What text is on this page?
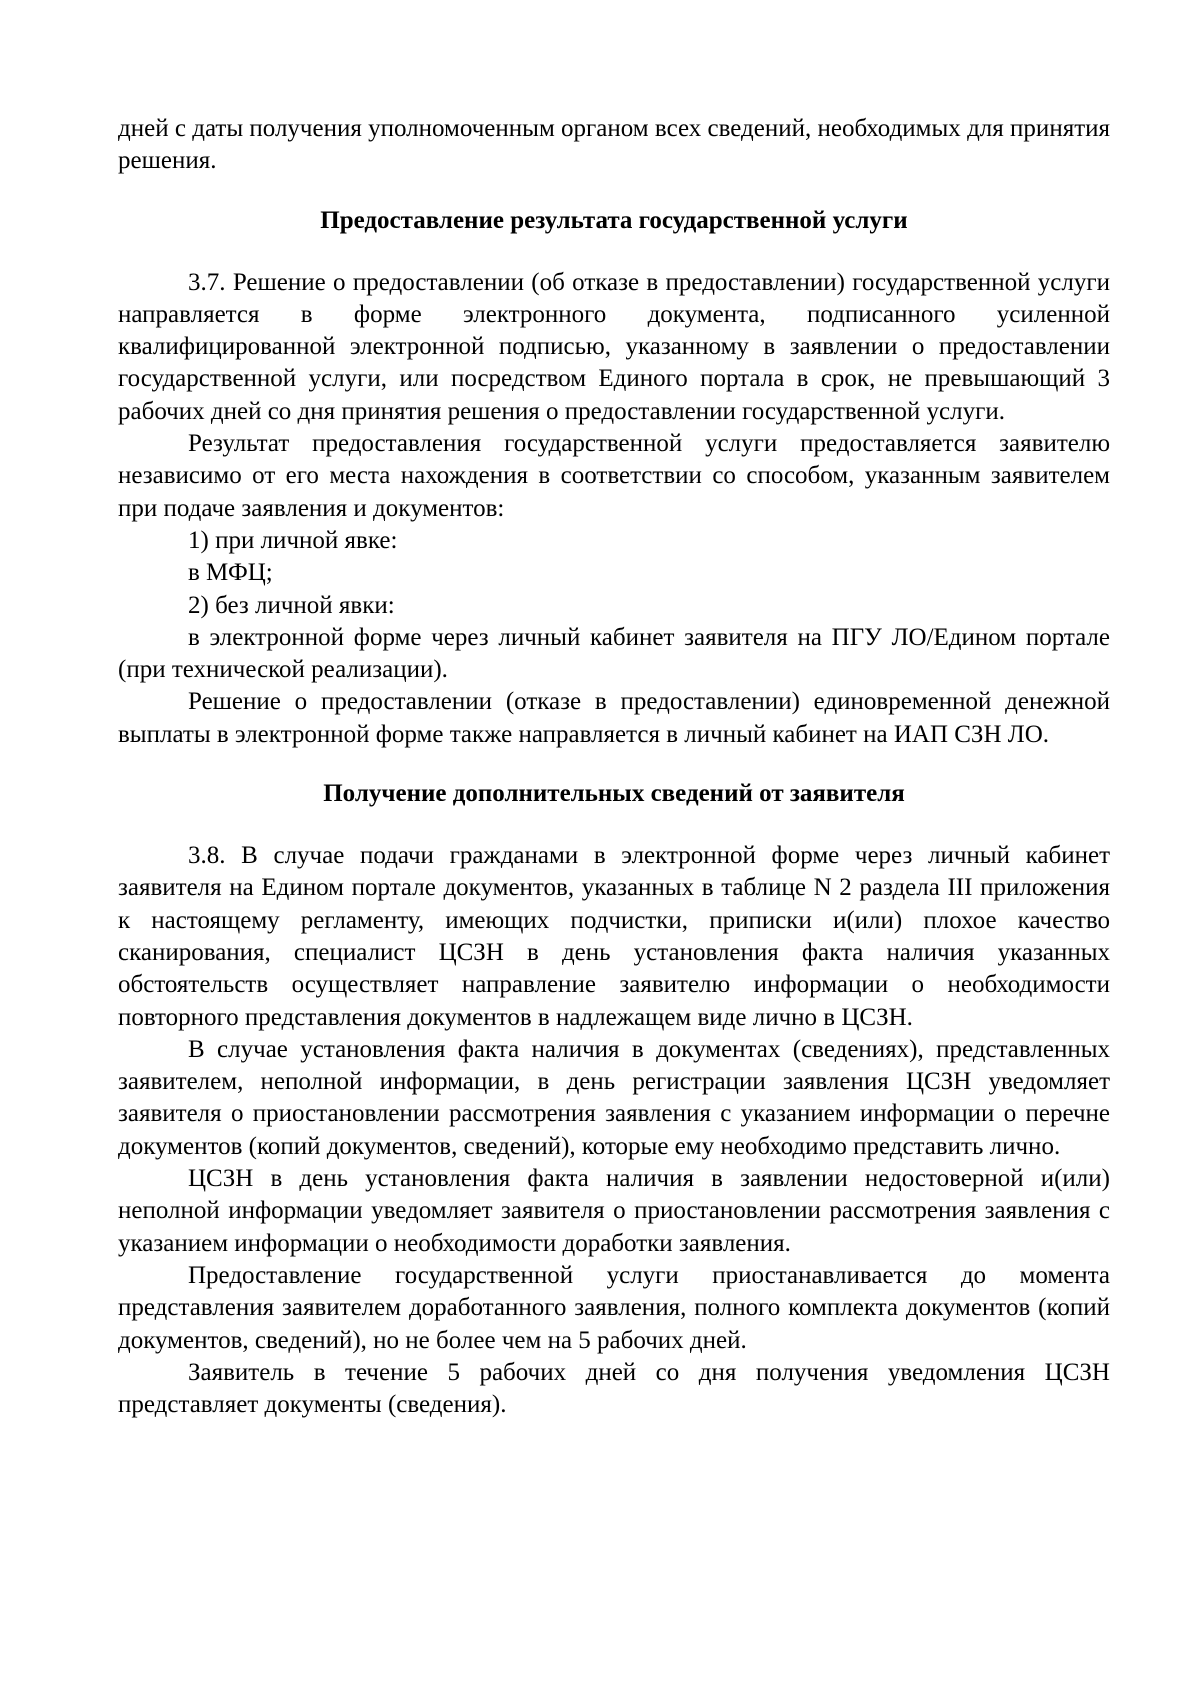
дней с даты получения уполномоченным органом всех сведений, необходимых для принятия решения.

Предоставление результата государственной услуги

3.7. Решение о предоставлении (об отказе в предоставлении) государственной услуги направляется в форме электронного документа, подписанного усиленной квалифицированной электронной подписью, указанному в заявлении о предоставлении государственной услуги, или посредством Единого портала в срок, не превышающий 3 рабочих дней со дня принятия решения о предоставлении государственной услуги.

Результат предоставления государственной услуги предоставляется заявителю независимо от его места нахождения в соответствии со способом, указанным заявителем при подаче заявления и документов:

1) при личной явке:

в МФЦ;

2) без личной явки:

в электронной форме через личный кабинет заявителя на ПГУ ЛО/Едином портале (при технической реализации).

Решение о предоставлении (отказе в предоставлении) единовременной денежной выплаты в электронной форме также направляется в личный кабинет на ИАП СЗН ЛО.

Получение дополнительных сведений от заявителя

3.8. В случае подачи гражданами в электронной форме через личный кабинет заявителя на Едином портале документов, указанных в таблице N 2 раздела III приложения к настоящему регламенту, имеющих подчистки, приписки и(или) плохое качество сканирования, специалист ЦСЗН в день установления факта наличия указанных обстоятельств осуществляет направление заявителю информации о необходимости повторного представления документов в надлежащем виде лично в ЦСЗН.

В случае установления факта наличия в документах (сведениях), представленных заявителем, неполной информации, в день регистрации заявления ЦСЗН уведомляет заявителя о приостановлении рассмотрения заявления с указанием информации о перечне документов (копий документов, сведений), которые ему необходимо представить лично.

ЦСЗН в день установления факта наличия в заявлении недостоверной и(или) неполной информации уведомляет заявителя о приостановлении рассмотрения заявления с указанием информации о необходимости доработки заявления.

Предоставление государственной услуги приостанавливается до момента представления заявителем доработанного заявления, полного комплекта документов (копий документов, сведений), но не более чем на 5 рабочих дней.

Заявитель в течение 5 рабочих дней со дня получения уведомления ЦСЗН представляет документы (сведения).
